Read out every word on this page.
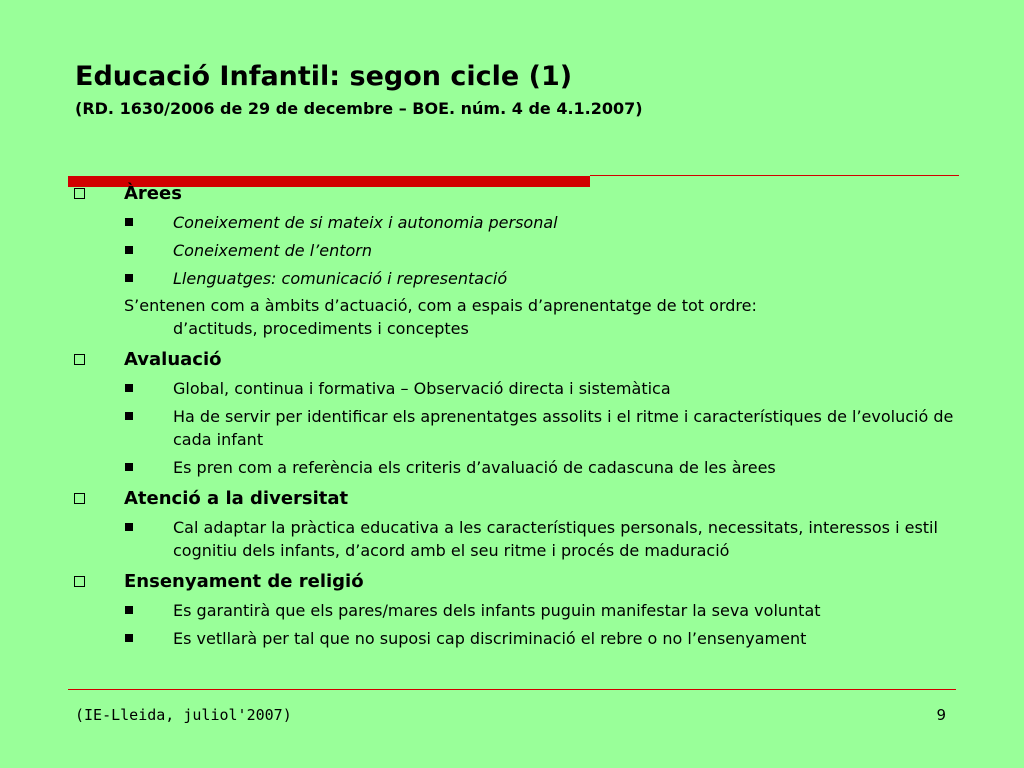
Educació Infantil: segon cicle (1)
(RD. 1630/2006 de 29 de decembre – BOE. núm. 4 de 4.1.2007)
Àrees
Coneixement de si mateix i autonomia personal
Coneixement de l’entorn
Llenguatges: comunicació i representació
S’entenen com a àmbits d’actuació, com a espais d’aprenentatge de tot ordre:
d’actituds, procediments i conceptes
Avaluació
Global, continua i formativa – Observació directa i sistemàtica
Ha de servir per identificar els aprenentatges assolits i el ritme i característiques de l’evolució de cada infant
Es pren com a referència els criteris d’avaluació de cadascuna de les àrees
Atenció a la diversitat
Cal adaptar la pràctica educativa a les característiques personals, necessitats, interessos i estil cognitiu dels infants, d’acord amb el seu ritme i procés de maduració
Ensenyament de religió
Es garantirà que els pares/mares dels infants puguin manifestar la seva voluntat
Es vetllarà per tal que no suposi cap discriminació el rebre o no l’ensenyament
(IE-Lleida, juliol'2007)	9
